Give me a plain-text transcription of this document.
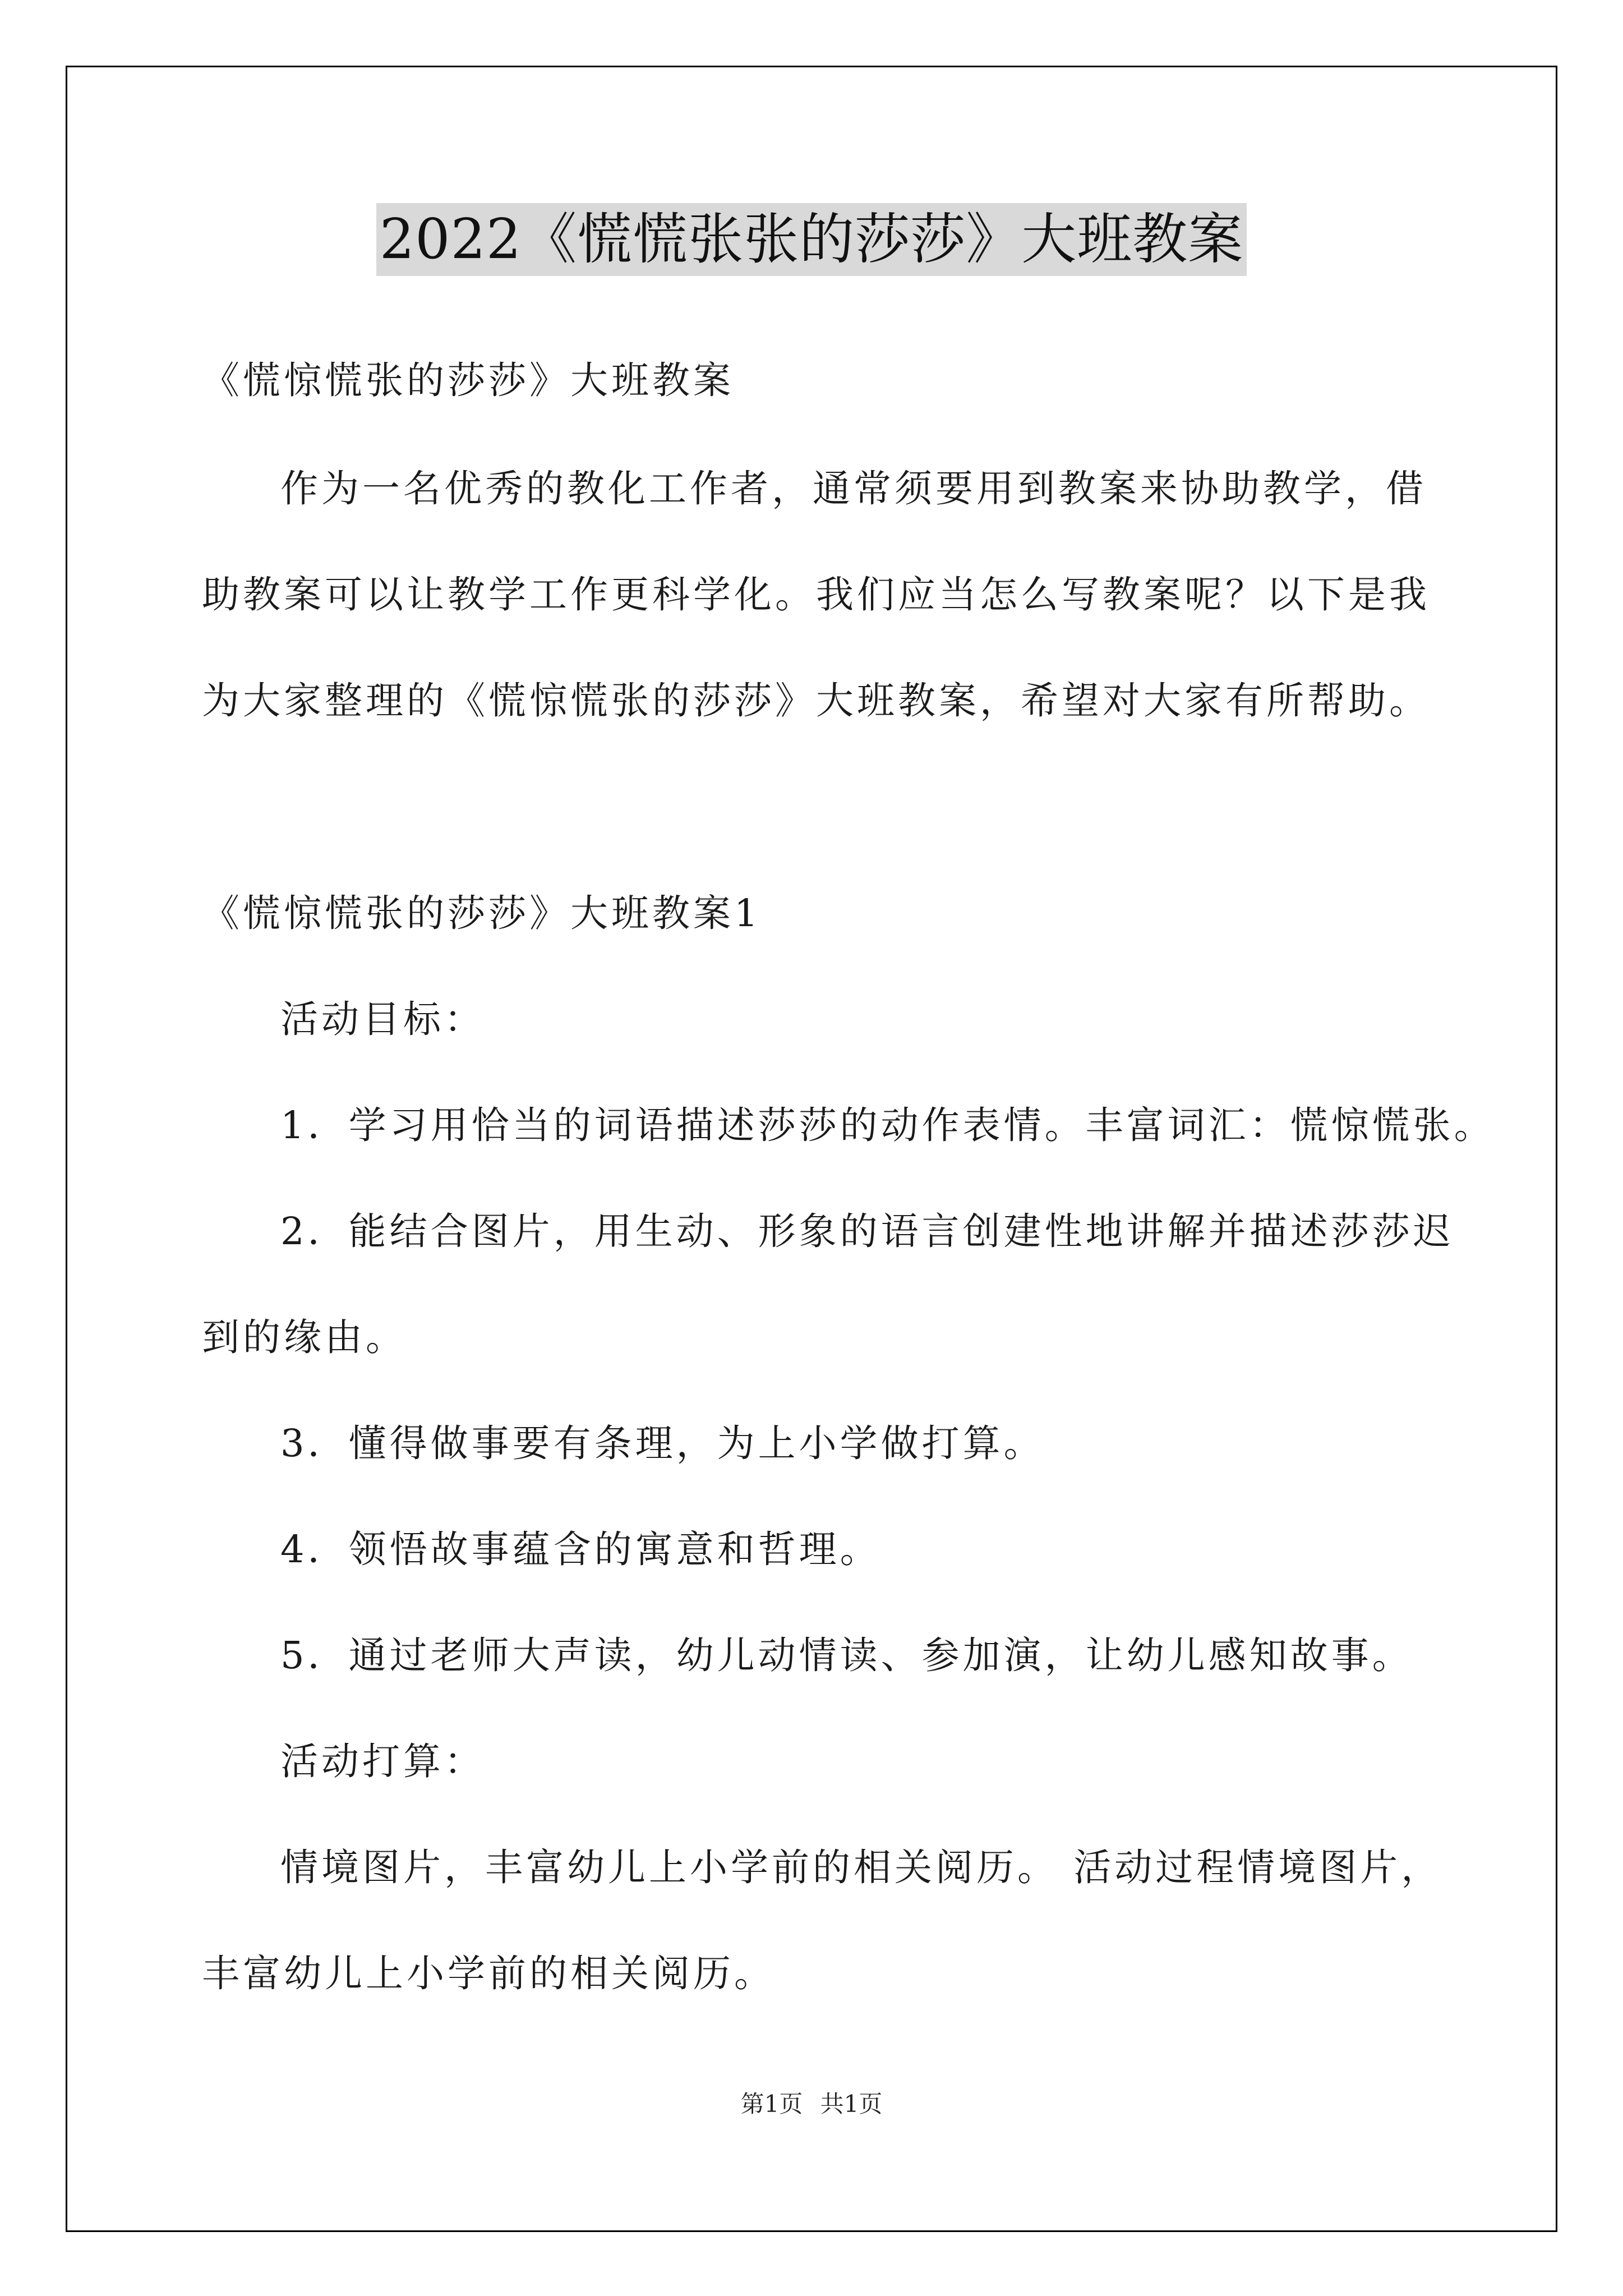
2022《慌慌张张的莎莎》大班教案
《慌惊慌张的莎莎》大班教案
作为一名优秀的教化工作者，通常须要用到教案来协助教学，借
助教案可以让教学工作更科学化。我们应当怎么写教案呢？以下是我
为大家整理的《慌惊慌张的莎莎》大班教案，希望对大家有所帮助。
《慌惊慌张的莎莎》大班教案1
活动目标：
1．学习用恰当的词语描述莎莎的动作表情。丰富词汇：慌惊慌张。
2．能结合图片，用生动、形象的语言创建性地讲解并描述莎莎迟
到的缘由。
3．懂得做事要有条理，为上小学做打算。
4．领悟故事蕴含的寓意和哲理。
5．通过老师大声读，幼儿动情读、参加演，让幼儿感知故事。
活动打算：
情境图片，丰富幼儿上小学前的相关阅历。 活动过程情境图片，
丰富幼儿上小学前的相关阅历。
第1页 共1页
